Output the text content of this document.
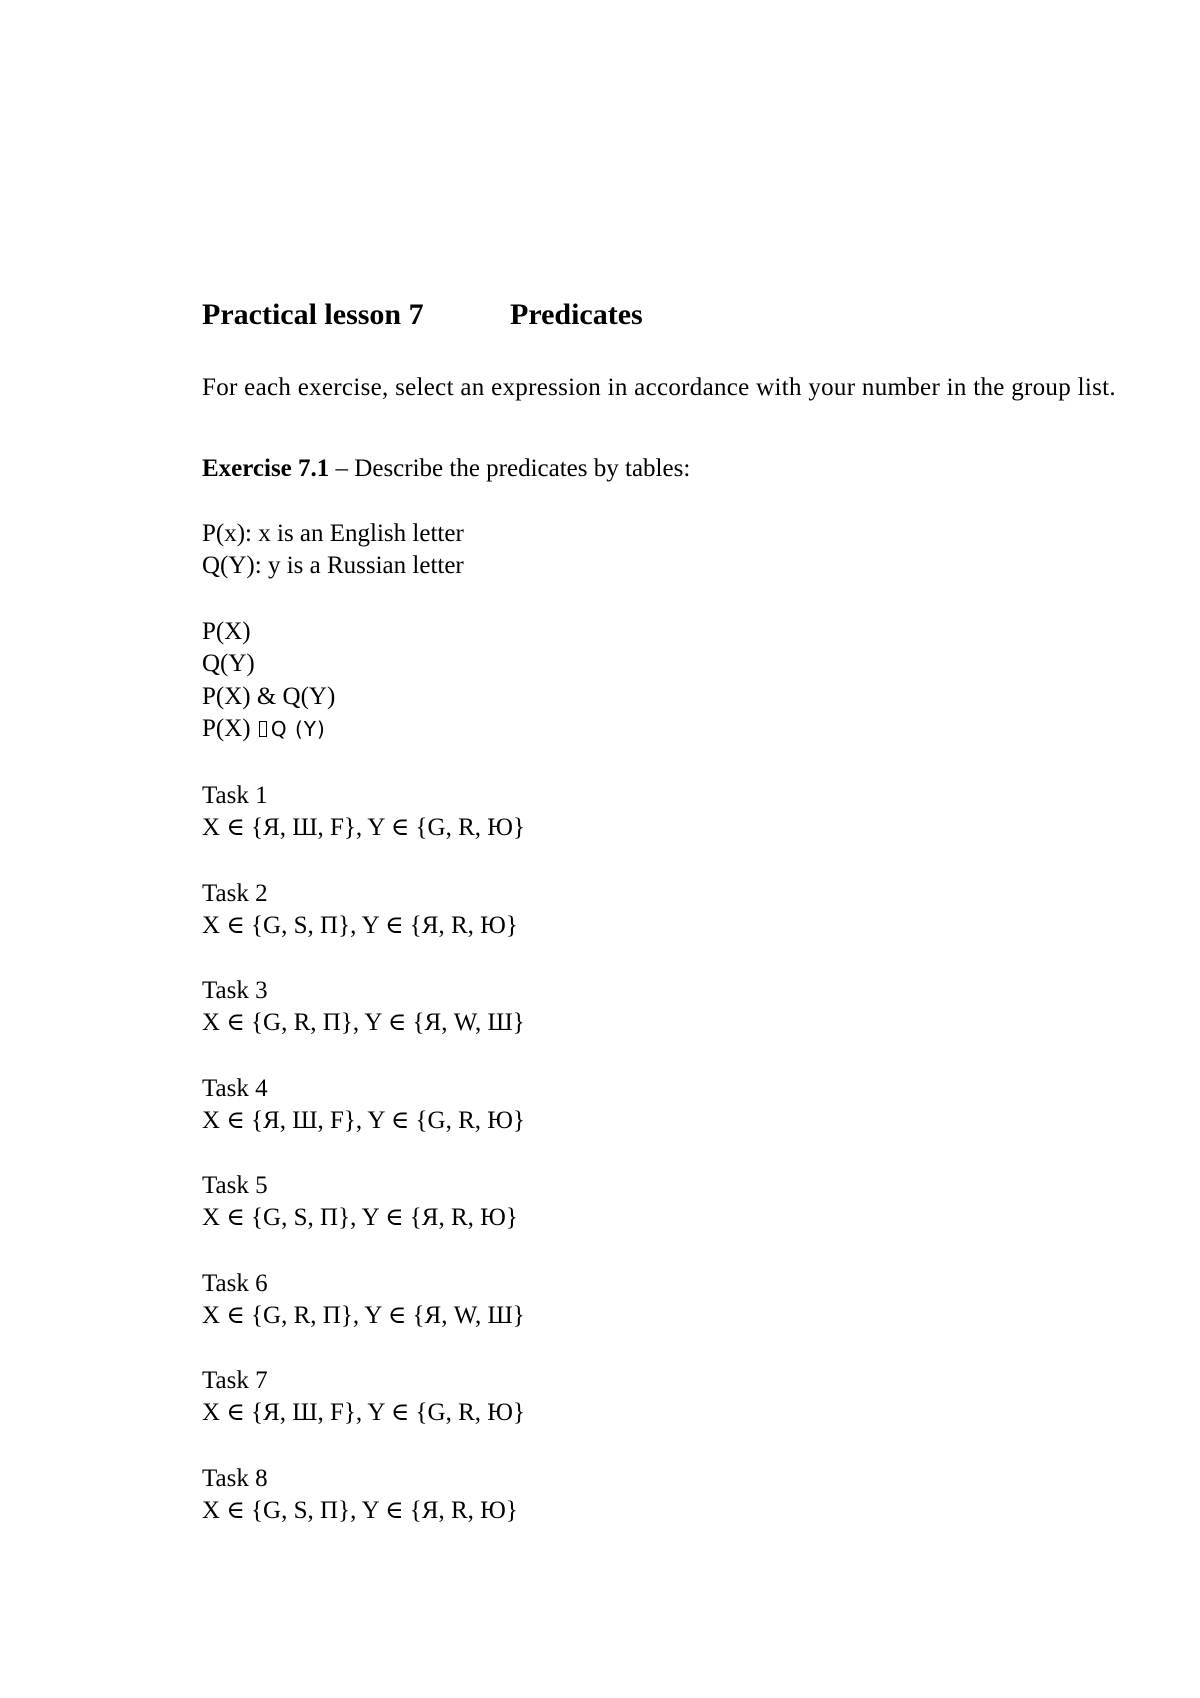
Practical lesson 7	Predicates

For each exercise, select an expression in accordance with your number in the group list.

Exercise 7.1 – Describe the predicates by tables:
P(x): x is an English letter
Q(Y): y is a Russian letter
P(X)
Q(Y)
P(X) & Q(Y)
P(X) Q (Y)
Task 1
X ∈ {Я, Ш, F}, Y ∈ {G, R, Ю}
Task 2
X ∈ {G, S, П}, Y ∈ {Я, R, Ю}
Task 3
X ∈ {G, R, П}, Y ∈ {Я, W, Ш}
Task 4
X ∈ {Я, Ш, F}, Y ∈ {G, R, Ю}
Task 5
X ∈ {G, S, П}, Y ∈ {Я, R, Ю}
Task 6
X ∈ {G, R, П}, Y ∈ {Я, W, Ш}
Task 7
X ∈ {Я, Ш, F}, Y ∈ {G, R, Ю}
Task 8
X ∈ {G, S, П}, Y ∈ {Я, R, Ю}
